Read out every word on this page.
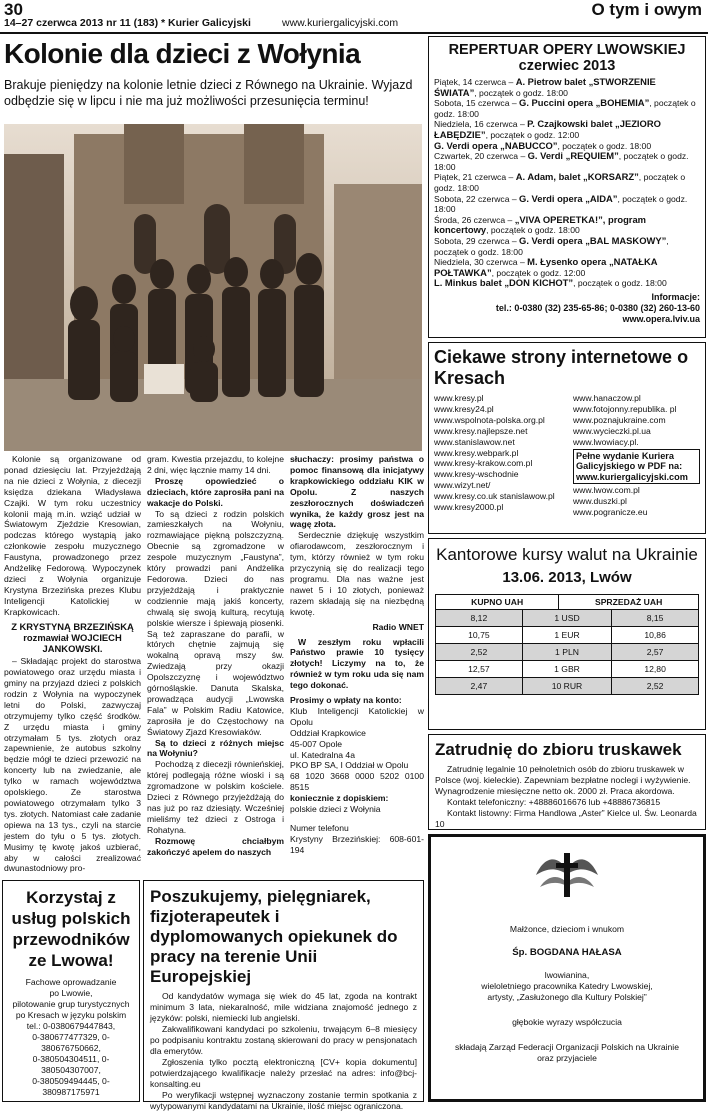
30
14–27 czerwca 2013 nr 11 (183) * Kurier Galicyjski	www.kuriergalicyjski.com
O tym i owym
Kolonie dla dzieci z Wołynia
Brakuje pieniędzy na kolonie letnie dzieci z Równego na Ukrainie. Wyjazd odbędzie się w lipcu i nie ma już możliwości przesunięcia terminu!

Kolonie są organizowane od ponad dziesięciu lat. Przyjeżdżają na nie dzieci z Wołynia, z diecezji księdza dziekana Władysława Czajki. W tym roku uczestnicy kolonii mają m.in. wziąć udział w Światowym Zjeździe Kresowian, podczas którego wystąpią jako członkowie zespołu muzycznego Faustyna, prowadzonego przez Andżelikę Fedorową. Wypoczynek dzieci z Wołynia organizuje Krystyna Brzezińska prezes Klubu Inteligencji Katolickiej w Krapkowicach.

Z KRYSTYNĄ BRZEZIŃSKĄ rozmawiał WOJCIECH JANKOWSKI.

– Składając projekt do starostwa powiatowego oraz urzędu miasta i gminy na przyjazd dzieci z polskich rodzin z Wołynia na wypoczynek letni do Polski, zazwyczaj otrzymujemy tylko część środków. Z urzędu miasta i gminy otrzymałam 5 tys. złotych oraz zapewnienie, że autobus szkolny będzie mógł te dzieci przewozić na koncerty lub na zwiedzanie, ale tylko w ramach województwa opolskiego. Ze starostwa powiatowego otrzymałam tylko 3 tys. złotych. Natomiast całe zadanie opiewa na 13 tys., czyli na starcie jestem do tyłu o 5 tys. złotych. Musimy tę kwotę jakoś uzbierać, aby w całości zrealizować dwunastodniowy pro-

gram. Kwestia przejazdu, to kolejne 2 dni, więc łącznie mamy 14 dni.

Proszę opowiedzieć o dzieciach, które zaprosiła pani na wakacje do Polski.

To są dzieci z rodzin polskich zamieszkałych na Wołyniu, rozmawiające piękną polszczyzną. Obecnie są zgromadzone w zespole muzycznym „Faustyna”, który prowadzi pani Andżelika Fedorowa. Dzieci do nas przyjeżdżają i praktycznie codziennie mają jakiś koncerty, chwalą się swoją kulturą, recytują polskie wiersze i śpiewają piosenki. Są też zapraszane do parafii, w których chętnie zajmują się wokalną opravą mszy św. Zwiedzają przy okazji Opolszczyznę i województwo górnośląskie. Danuta Skalska, prowadząca audycji „Lwowska Fala” w Polskim Radiu Katowice, zaprosiła je do Częstochowy na Światowy Zjazd Kresowiaków.

Są to dzieci z różnych miejsc na Wołyniu?

Pochodzą z diecezji równieńskiej, której podlegają różne wioski i są zgromadzone w polskim kościele. Dzieci z Równego przyjeżdżają do nas już po raz dziesiąty. Wcześniej mieliśmy też dzieci z Ostroga i Rohatyna.

Rozmowę chciałbym zakończyć apelem do naszych

słuchaczy: prosimy państwa o pomoc finansową dla inicjatywy krapkowickiego oddziału KIK w Opolu. Z naszych zeszłorocznych doświadczeń wynika, że każdy grosz jest na wagę złota.

Serdecznie dziękuję wszystkim ofiarodawcom, zeszłorocznym i tym, którzy również w tym roku przyczynią się do realizacji tego programu. Dla nas ważne jest nawet 5 i 10 złotych, ponieważ razem składają się na niezbędną kwotę.

Radio WNET

W zeszłym roku wpłacili Państwo prawie 10 tysięcy złotych! Liczymy na to, że również w tym roku uda się nam tego dokonać.

Prosimy o wpłaty na konto:

Klub Inteligencji Katolickiej w Opolu

Oddział Krapkowice

45-007 Opole

ul. Katedralna 4a

PKO BP SA, I Oddział w Opolu

68 1020 3668 0000 5202 0100 8515

koniecznie z dopiskiem:

polskie dzieci z Wołynia

Numer telefonu

Krystyny Brzezińskiej: 608-601-194

REPERTUAR OPERY LWOWSKIEJ
czerwiec 2013
Piątek, 14 czerwca – A. Pietrow balet „STWORZENIE ŚWIATA”, początek o godz. 18:00
Sobota, 15 czerwca – G. Puccini opera „BOHEMIA”, początek o godz. 18:00
Niedziela, 16 czerwca – P. Czajkowski balet „JEZIORO ŁABĘDZIE”, początek o godz. 12:00
G. Verdi opera „NABUCCO”, początek o godz. 18:00
Czwartek, 20 czerwca – G. Verdi „REQUIEM”, początek o godz. 18:00
Piątek, 21 czerwca – A. Adam, balet „KORSARZ”, początek o godz. 18:00
Sobota, 22 czerwca – G. Verdi opera „AIDA”, początek o godz. 18:00
Środa, 26 czerwca – „VIVA OPERETKA!”, program koncertowy, początek o godz. 18:00
Sobota, 29 czerwca – G. Verdi opera „BAL MASKOWY”, początek o godz. 18:00
Niedziela, 30 czerwca – M. Łysenko opera „NATAŁKA POŁTAWKA”, początek o godz. 12:00
L. Minkus balet „DON KICHOT”, początek o godz. 18:00
Informacje:
tel.: 0-0380 (32) 235-65-86; 0-0380 (32) 260-13-60
www.opera.lviv.ua
Ciekawe strony internetowe o Kresach
www.kresy.pl
www.kresy24.pl
www.wspolnota-polska.org.pl
www.kresy.najlepsze.net
www.stanislawow.net
www.kresy.webpark.pl
www.kresy-krakow.com.pl
www.kresy-wschodnie
www.wizyt.net/
www.kresy.co.uk stanislawow.pl
www.kresy2000.pl
www.hanaczow.pl
www.fotojonny.republika. pl
www.poznajukraine.com
www.wycieczki.pl.ua
www.lwowiacy.pl.
Pełne wydanie Kuriera Galicyjskiego w PDF na:
www.kuriergalicyjski.com
www.lwow.com.pl
www.duszki.pl
www.pogranicze.eu
Kantorowe kursy walut na Ukrainie
13.06. 2013, Lwów
KUPNO UAH		SPRZEDAŻ UAH	
8,12	1 USD		8,15
10,75	1 EUR		10,86
2,52	1 PLN		2,57
12,57	1 GBR		12,80
2,47	10 RUR		2,52
Zatrudnię do zbioru truskawek
Zatrudnię legalnie 10 pełnoletnich osób do zbioru truskawek w Polsce (woj. kieleckie). Zapewniam bezpłatne noclegi i wyżywienie. Wynagrodzenie miesięczne netto ok. 2000 zł. Praca akordowa.
Kontakt telefoniczny: +48886016676 lub +48886736815
Kontakt listowny: Firma Handlowa „Aster” Kielce ul. Św. Leonarda 10
Korzystaj z usług polskich przewodników ze Lwowa!
Fachowe oprowadzanie
po Lwowie,
pilotowanie grup turystycznych
po Kresach w języku polskim
tel.: 0-0380679447843,
0-380677477329, 0-380676750662,
0-380504304511, 0-380504307007,
0-380509494445, 0-380987175971
Poszukujemy, pielęgniarek, fizjoterapeutek i dyplomowanych opiekunek do pracy na terenie Unii Europejskiej

Od kandydatów wymaga się wiek do 45 lat, zgoda na kontrakt minimum 3 lata, niekaralność, mile widziana znajomość jednego z języków: polski, niemiecki lub angielski.

Zakwalifikowani kandydaci po szkoleniu, trwającym 6–8 miesięcy po podpisaniu kontraktu zostaną skierowani do pracy w pensjonatach dla emerytów.

Zgłoszenia tylko pocztą elektroniczną [CV+ kopia dokumentu] potwierdzającego kwalifikacje należy przesłać na adres: info@bcj-konsalting.eu

Po weryfikacji wstępnej wyznaczony zostanie termin spotkania z wytypowanymi kandydatami na Ukrainie, ilość miejsc ograniczona.

Małżonce, dzieciom i wnukom
Śp. BOGDANA HAŁASA
lwowianina,
wieloletniego pracownika Katedry Lwowskiej,
artysty, „Zasłużonego dla Kultury Polskiej”
głębokie wyrazy współczucia
składają Zarząd Federacji Organizacji Polskich na Ukrainie
oraz przyjaciele
